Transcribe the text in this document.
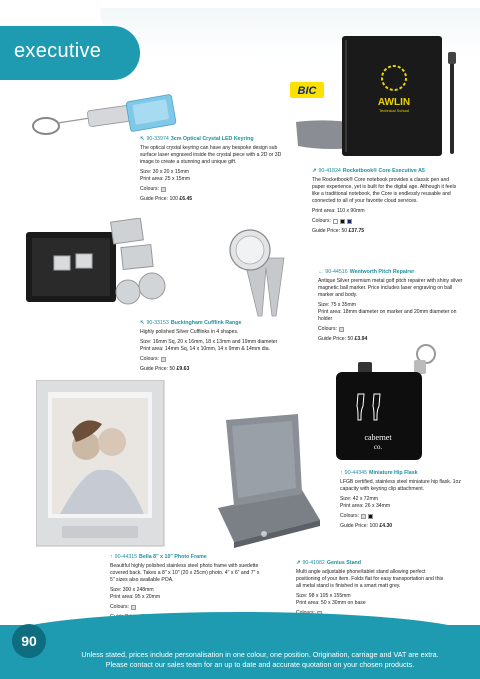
executive
↖ 90-33974 3cm Optical Crystal LED Keyring

The optical crystal keyring can have any bespoke design sub surface laser engraved inside the crystal piece with a 2D or 3D image to create a stunning and unique gift.

Size: 30 x 20 x 15mm
Print area: 25 x 15mm
Colours:
Guide Price: 100 £6.45
AWLIN
Technical School
BIC
↗ 90-41824 Rocketbook® Core Executive A5

The Rocketbook® Core notebook provides a classic pen and paper experience, yet is built for the digital age. Although it feels like a traditional notebook, the Core is endlessly reusable and connected to all of your favorite cloud services.

Print area: 110 x 90mm
Colours:
Guide Price: 50 £37.75
← 90-44516 Wentworth Pitch Repairer

Antique Silver premium metal golf pitch repairer with shiny silver magnetic ball marker. Price includes laser engraving on ball marker and body.

Size: 75 x 35mm
Print area: 18mm diameter on marker and 20mm diameter on holder
Colours:
Guide Price: 50 £3.94
↖ 90-33153 Buckingham Cufflink Range

Highly polished Silver Cufflinks in 4 shapes.

Size: 16mm Sq, 20 x 16mm, 18 x 13mm and 19mm diameter
Print area: 14mm Sq, 14 x 10mm, 14 x 9mm & 14mm dia.
Colours:
Guide Price: 50 £9.63
cabernet
co.
↑ 90-44345 Miniature Hip Flask

LFGB certified, stainless steel miniature hip flask. 1oz capacity with keyring clip attachment.

Size: 42 x 72mm
Print area: 26 x 34mm
Colours:
Guide Price: 100 £4.30
↑ 90-44315 Bella 8" x 10" Photo Frame

Beautiful highly polished stainless steel photo frame with suedette covered back. Takes a 8" x 10" (20 x 25cm) photo. 4" x 6" and 7" x 5" sizes also available POA.

Size: 300 x 248mm
Print area: 95 x 20mm
Colours:
↗ 90-41082 Genius Stand

Multi angle adjustable phone/tablet stand allowing perfect positioning of your item. Folds flat for easy transportation and this all metal stand is finished in a smart matt grey.

Size: 98 x 105 x 155mm
Print area: 50 x 30mm on base
90
Unless stated, prices include personalisation in one colour, one position. Origination, carriage and VAT are extra.
Please contact our sales team for an up to date and accurate quotation on your chosen products.
